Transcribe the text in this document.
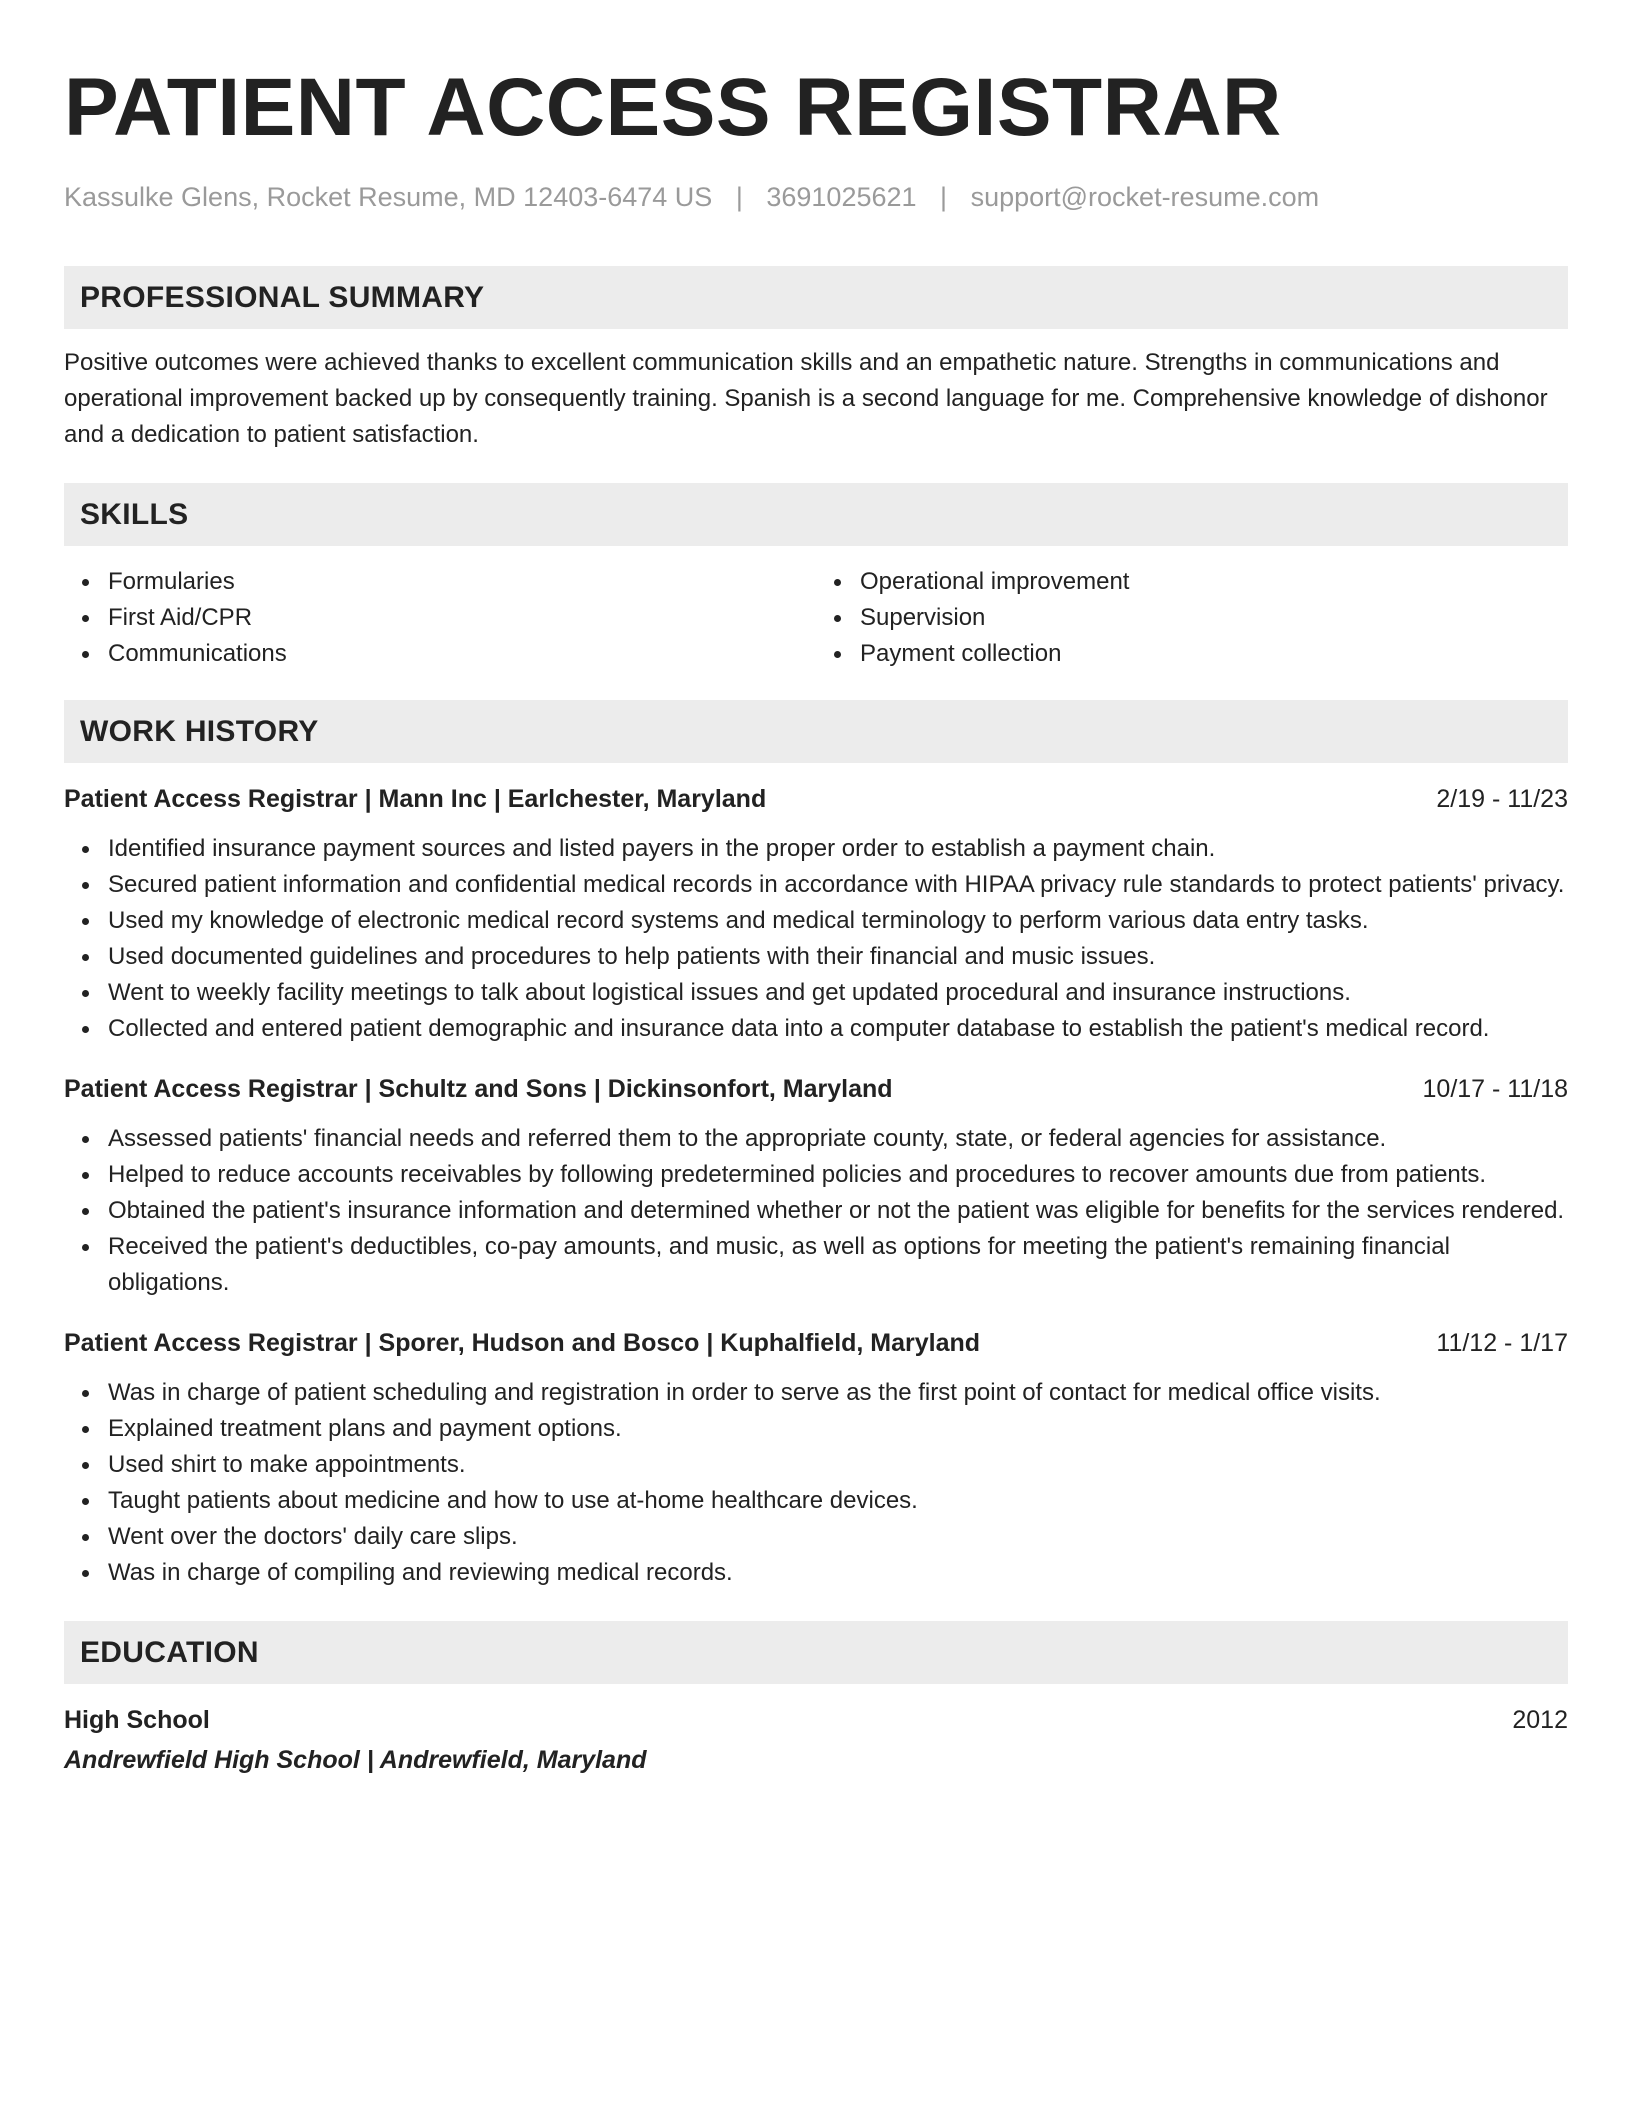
PATIENT ACCESS REGISTRAR
Kassulke Glens, Rocket Resume, MD 12403-6474 US | 3691025621 | support@rocket-resume.com
PROFESSIONAL SUMMARY

Positive outcomes were achieved thanks to excellent communication skills and an empathetic nature. Strengths in communications and operational improvement backed up by consequently training. Spanish is a second language for me. Comprehensive knowledge of dishonor and a dedication to patient satisfaction.

SKILLS
Formularies
First Aid/CPR
Communications
Operational improvement
Supervision
Payment collection
WORK HISTORY
Patient Access Registrar | Mann Inc | Earlchester, Maryland	2/19 - 11/23
Identified insurance payment sources and listed payers in the proper order to establish a payment chain.
Secured patient information and confidential medical records in accordance with HIPAA privacy rule standards to protect patients' privacy.
Used my knowledge of electronic medical record systems and medical terminology to perform various data entry tasks.
Used documented guidelines and procedures to help patients with their financial and music issues.
Went to weekly facility meetings to talk about logistical issues and get updated procedural and insurance instructions.
Collected and entered patient demographic and insurance data into a computer database to establish the patient's medical record.
Patient Access Registrar | Schultz and Sons | Dickinsonfort, Maryland	10/17 - 11/18
Assessed patients' financial needs and referred them to the appropriate county, state, or federal agencies for assistance.
Helped to reduce accounts receivables by following predetermined policies and procedures to recover amounts due from patients.
Obtained the patient's insurance information and determined whether or not the patient was eligible for benefits for the services rendered.
Received the patient's deductibles, co-pay amounts, and music, as well as options for meeting the patient's remaining financial obligations.
Patient Access Registrar | Sporer, Hudson and Bosco | Kuphalfield, Maryland	11/12 - 1/17
Was in charge of patient scheduling and registration in order to serve as the first point of contact for medical office visits.
Explained treatment plans and payment options.
Used shirt to make appointments.
Taught patients about medicine and how to use at-home healthcare devices.
Went over the doctors' daily care slips.
Was in charge of compiling and reviewing medical records.
EDUCATION
High School	2012
Andrewfield High School | Andrewfield, Maryland
